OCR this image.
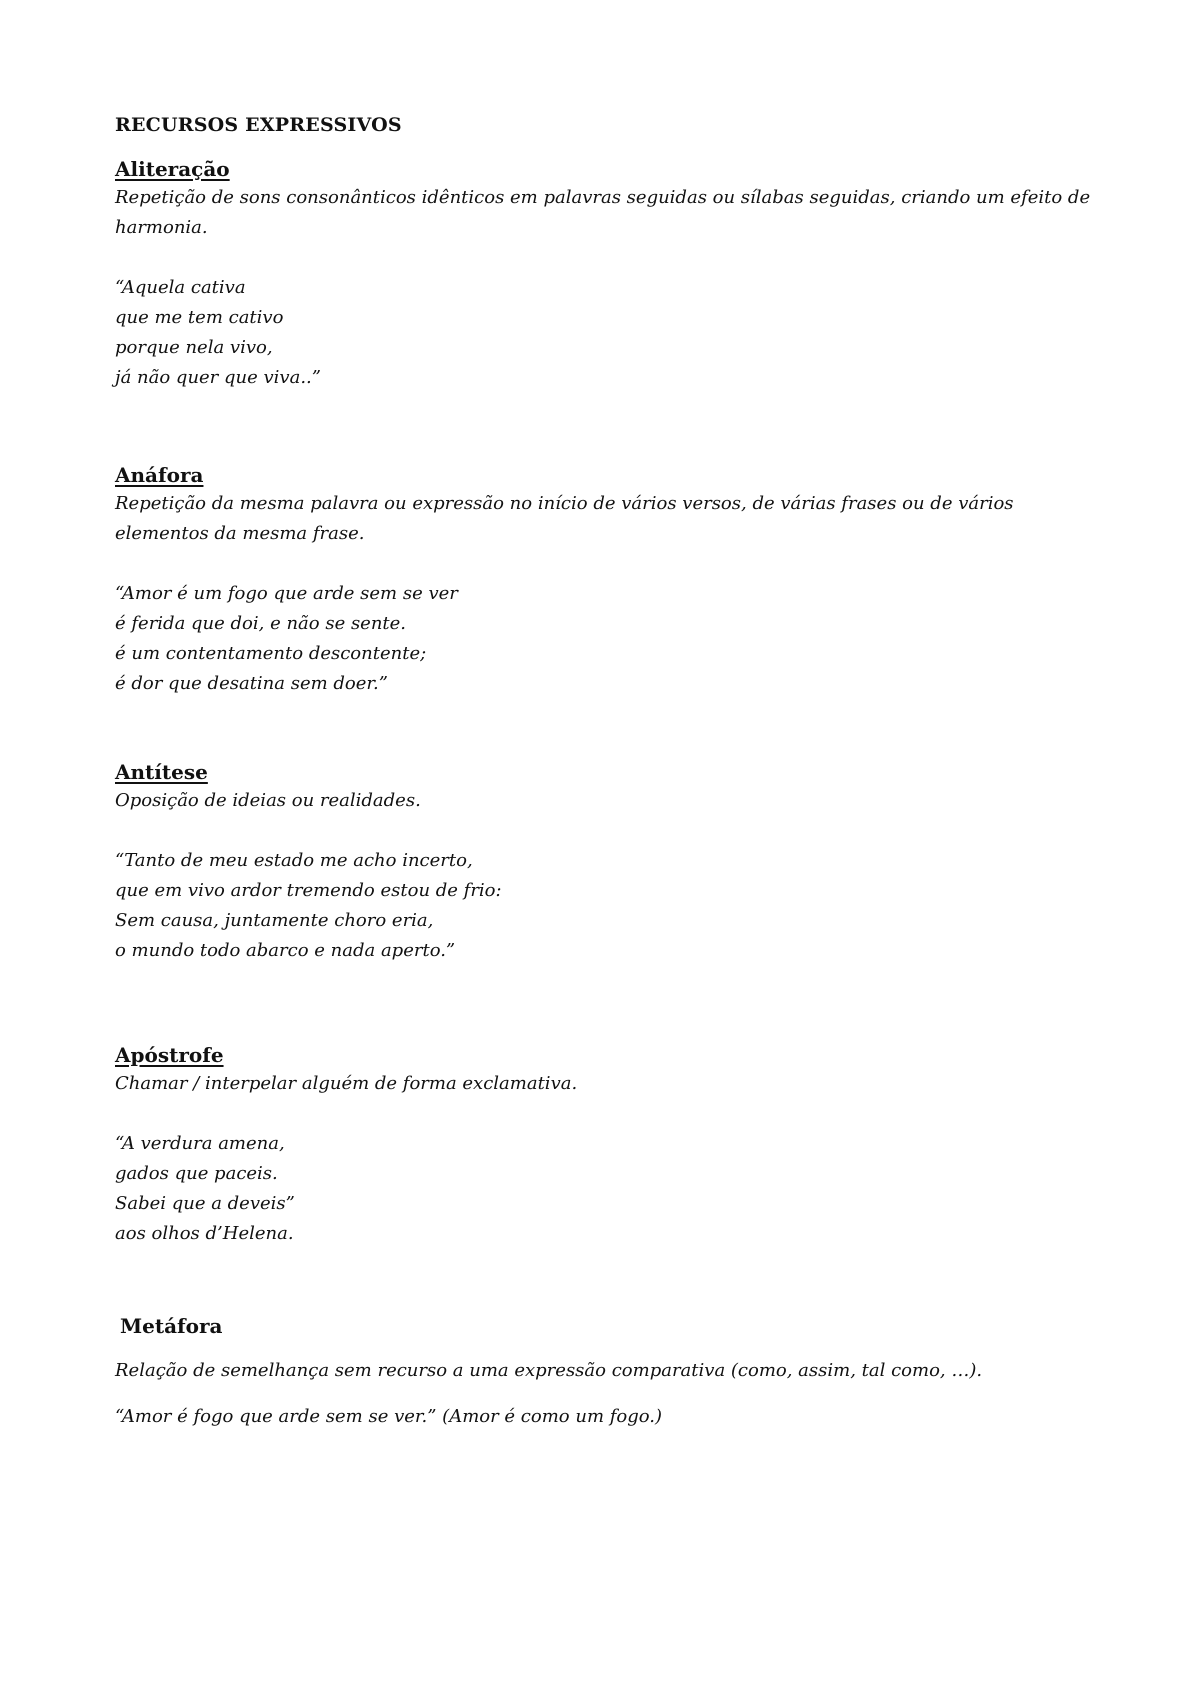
RECURSOS EXPRESSIVOS
Aliteração

Repetição de sons consonânticos idênticos em palavras seguidas ou sílabas seguidas, criando um efeito de
harmonia.

“Aquela cativa
que me tem cativo
porque nela vivo,
já não quer que viva..”

Anáfora

Repetição da mesma palavra ou expressão no início de vários versos, de várias frases ou de vários
elementos da mesma frase.

“Amor é um fogo que arde sem se ver
é ferida que doi, e não se sente.
é um contentamento descontente;
é dor que desatina sem doer.”

Antítese

Oposição de ideias ou realidades.

“Tanto de meu estado me acho incerto,
que em vivo ardor tremendo estou de frio:
Sem causa, juntamente choro eria,
o mundo todo abarco e nada aperto.”

Apóstrofe

Chamar / interpelar alguém de forma exclamativa.

“A verdura amena,
gados que paceis.
Sabei que a deveis”
aos olhos d’Helena.

Metáfora

Relação de semelhança sem recurso a uma expressão comparativa (como, assim, tal como, …).

“Amor é fogo que arde sem se ver.” (Amor é como um fogo.)
